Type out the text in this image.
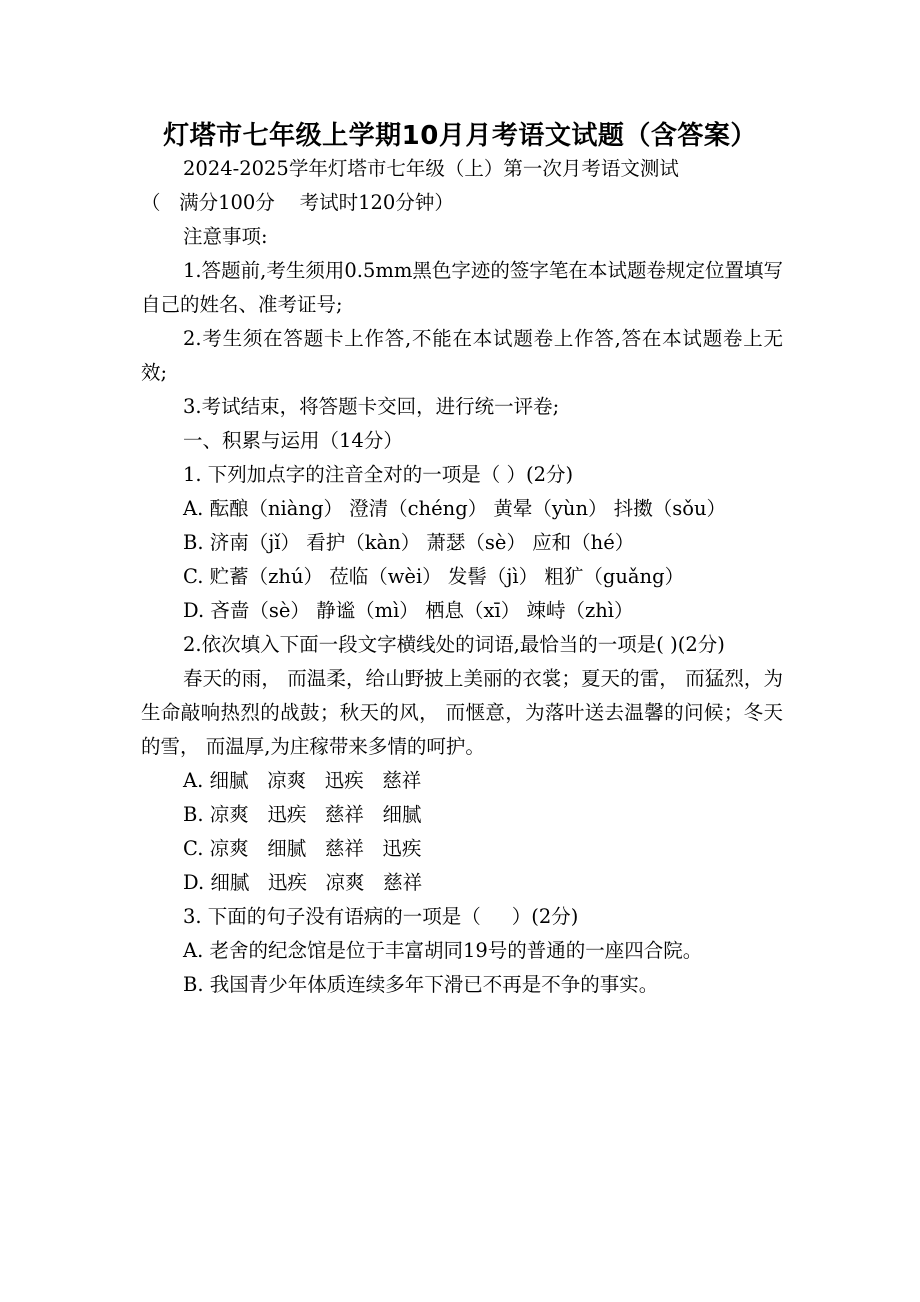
灯塔市七年级上学期10月月考语文试题（含答案）
2024-2025学年灯塔市七年级（上）第一次月考语文测试
（   满分100分    考试时120分钟）
注意事项:
1.答题前,考生须用0.5mm黑色字迹的签字笔在本试题卷规定位置填写自己的姓名、准考证号;
2.考生须在答题卡上作答,不能在本试题卷上作答,答在本试题卷上无效;
3.考试结束，将答题卡交回，进行统一评卷;
一、积累与运用（14分）
1. 下列加点字的注音全对的一项是（ ）(2分)
A. 酝酿（niàng） 澄清（chéng） 黄晕（yùn） 抖擞（sǒu）
B. 济南（jǐ） 看护（kàn） 萧瑟（sè） 应和（hé）
C. 贮蓄（zhú） 莅临（wèi） 发髻（jì） 粗犷（guǎng）
D. 吝啬（sè） 静谧（mì） 栖息（xī） 竦峙（zhì）
2.依次填入下面一段文字横线处的词语,最恰当的一项是( )(2分)
春天的雨， 而温柔，给山野披上美丽的衣裳；夏天的雷， 而猛烈，为生命敲响热烈的战鼓；秋天的风， 而惬意，为落叶送去温馨的问候；冬天的雪， 而温厚,为庄稼带来多情的呵护。
A. 细腻   凉爽   迅疾   慈祥
B. 凉爽   迅疾   慈祥   细腻
C. 凉爽   细腻   慈祥   迅疾
D. 细腻   迅疾   凉爽   慈祥
3. 下面的句子没有语病的一项是（     ）(2分)
A. 老舍的纪念馆是位于丰富胡同19号的普通的一座四合院。
B. 我国青少年体质连续多年下滑已不再是不争的事实。
